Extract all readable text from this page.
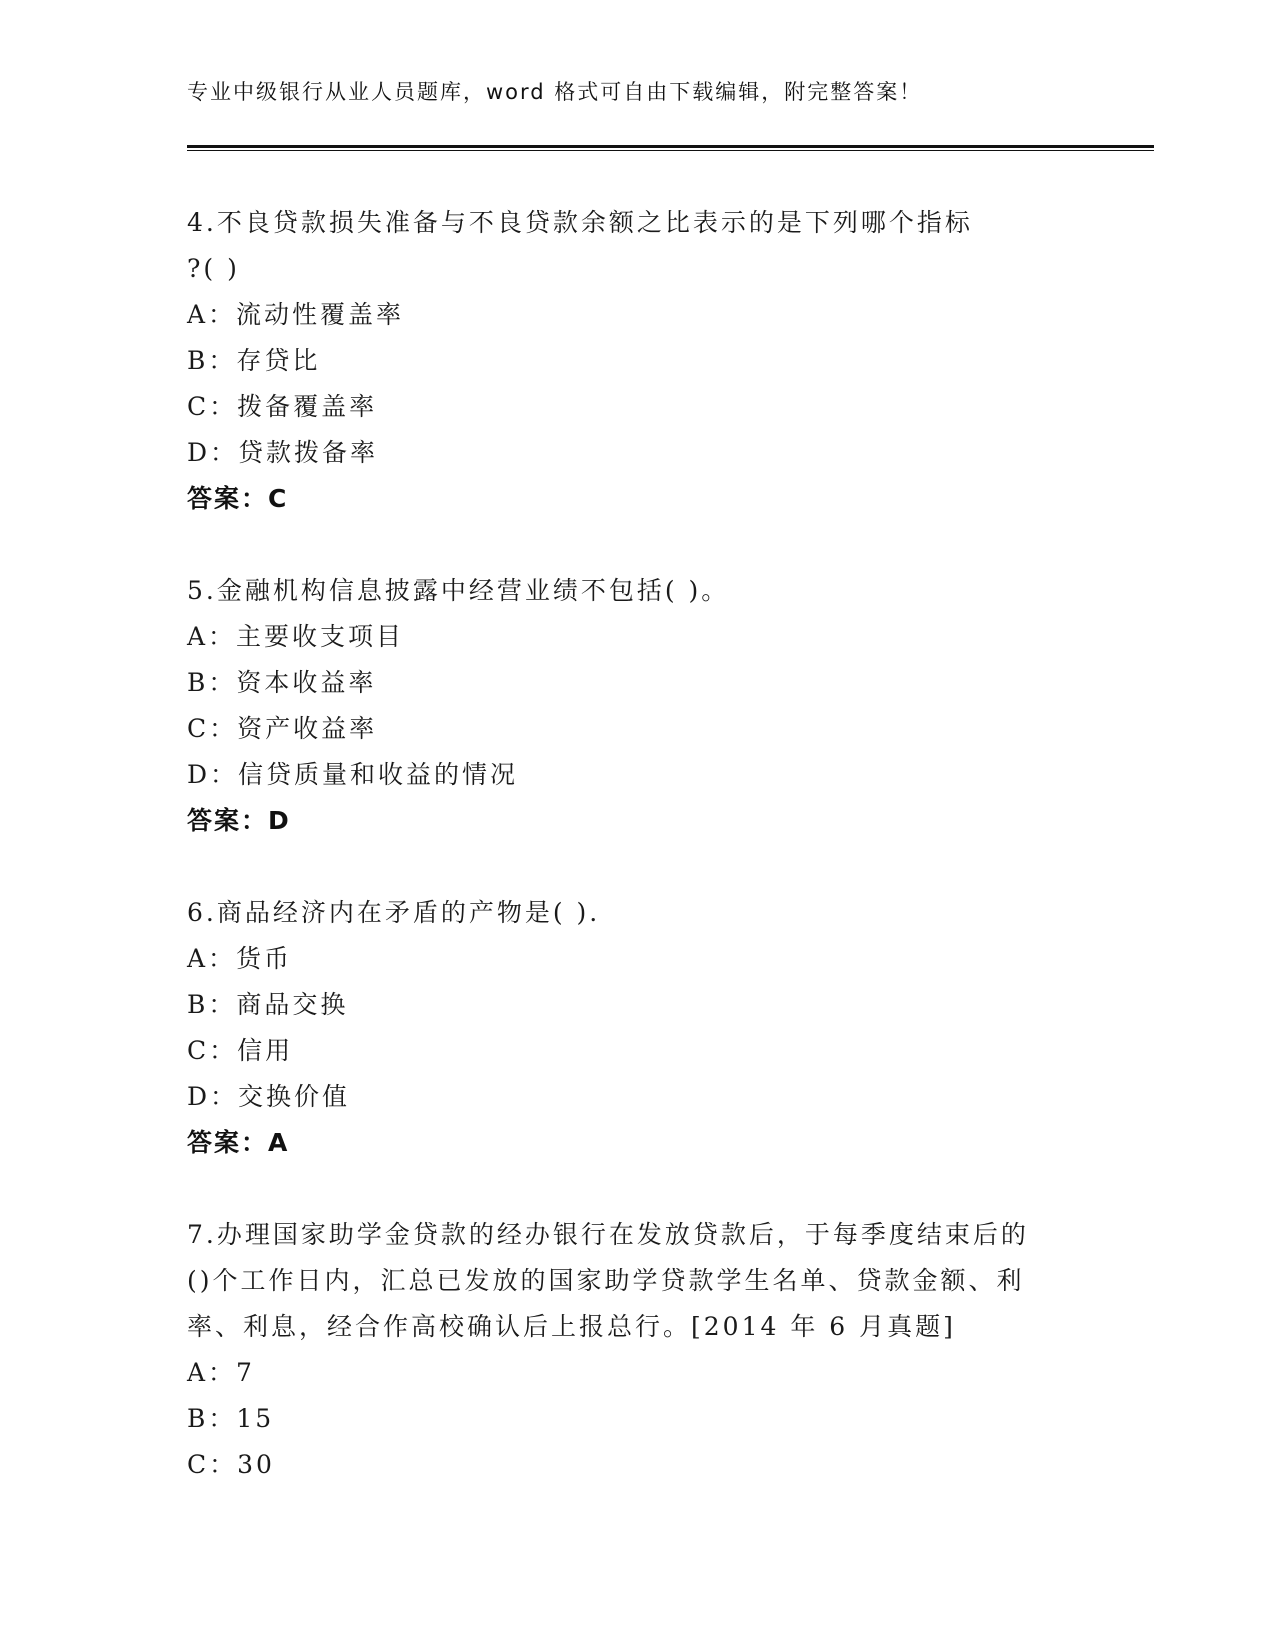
专业中级银行从业人员题库，word 格式可自由下载编辑，附完整答案！

4.不良贷款损失准备与不良贷款余额之比表示的是下列哪个指标

?( )

A：流动性覆盖率

B：存贷比

C：拨备覆盖率

D：贷款拨备率

答案：C

5.金融机构信息披露中经营业绩不包括( )。

A：主要收支项目

B：资本收益率

C：资产收益率

D：信贷质量和收益的情况

答案：D

6.商品经济内在矛盾的产物是( ).

A：货币

B：商品交换

C：信用

D：交换价值

答案：A

7.办理国家助学金贷款的经办银行在发放贷款后，于每季度结束后的

()个工作日内，汇总已发放的国家助学贷款学生名单、贷款金额、利

率、利息，经合作高校确认后上报总行。[2014 年 6 月真题]

A：7

B：15

C：30
